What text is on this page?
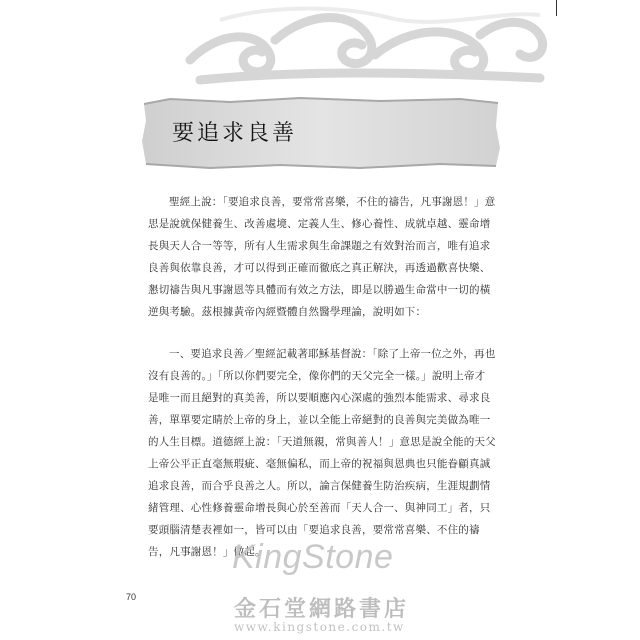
要追求良善

聖經上說：「要追求良善，要常常喜樂，不住的禱告，凡事謝恩！」意思是說就保健養生、改善處境、定義人生、修心養性、成就卓越、靈命增長與天人合一等等，所有人生需求與生命課題之有效對治而言，唯有追求良善與依靠良善，才可以得到正確而徹底之真正解決，再透過歡喜快樂、懇切禱告與凡事謝恩等具體而有效之方法，即是以勝過生命當中一切的橫逆與考驗。茲根據黃帝內經暨體自然醫學理論，說明如下：

一、要追求良善／聖經記載著耶穌基督說：「除了上帝一位之外，再也沒有良善的。」「所以你們要完全，像你們的天父完全一樣。」說明上帝才是唯一而且絕對的真美善，所以要順應內心深處的強烈本能需求、尋求良善，單單要定睛於上帝的身上，並以全能上帝絕對的良善與完美做為唯一的人生目標。道德經上說：「天道無親，常與善人！」意思是說全能的天父上帝公平正直毫無瑕疵、毫無偏私，而上帝的祝福與恩典也只能眷顧真誠追求良善，而合乎良善之人。所以，論言保健養生防治疾病，生涯規劃情緒管理、心性修養靈命增長與心於至善而「天人合一、與神同工」者，只要頭腦清楚表裡如一，皆可以由「要追求良善，要常常喜樂、不住的禱告，凡事謝恩！」做起。

70
KingStone
金石堂網路書店
www.kingstone.com.tw
